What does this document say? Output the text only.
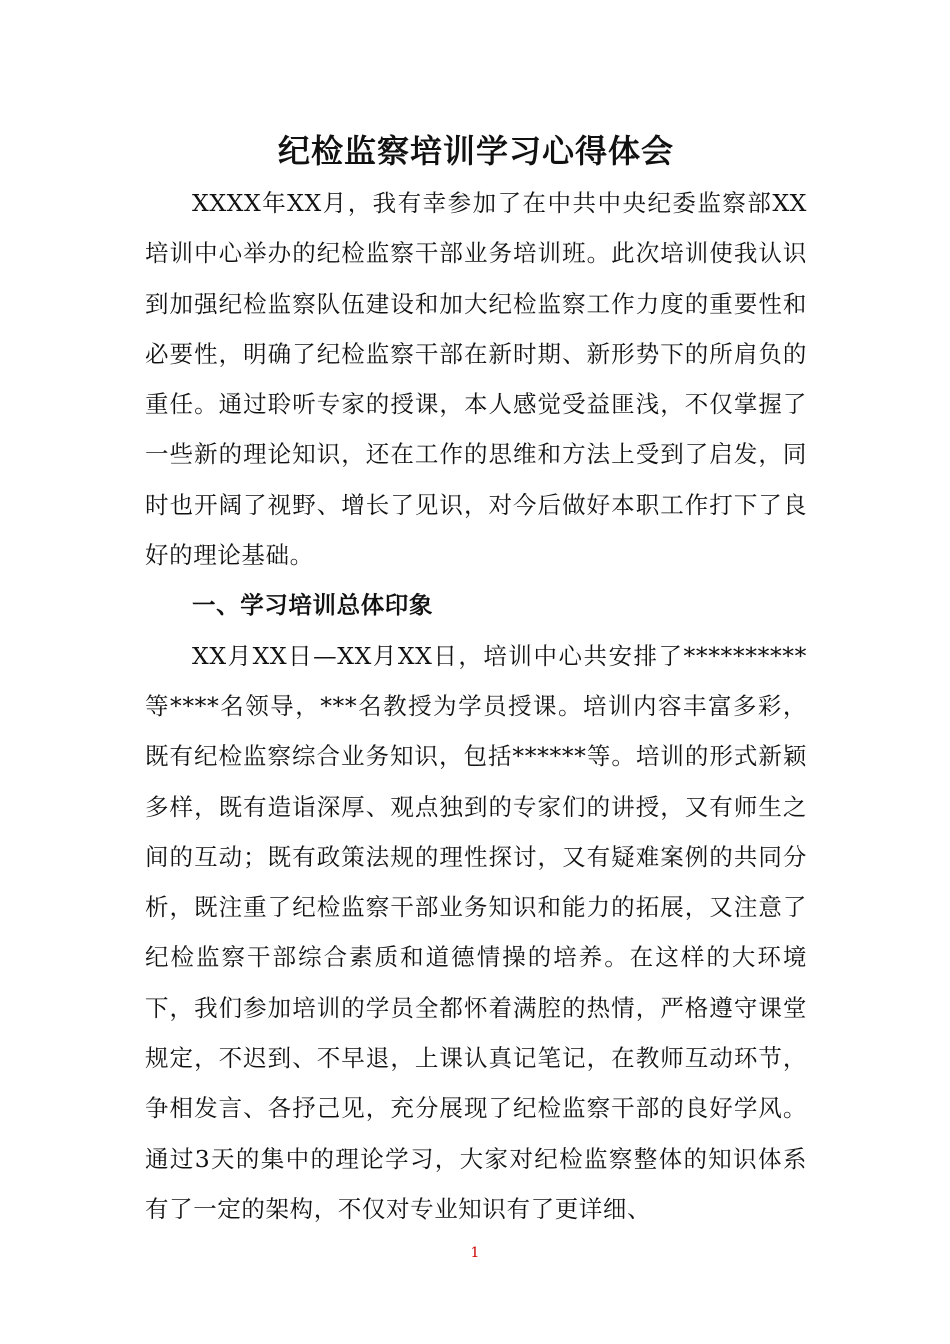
纪检监察培训学习心得体会

XXXX年XX月，我有幸参加了在中共中央纪委监察部XX培训中心举办的纪检监察干部业务培训班。此次培训使我认识到加强纪检监察队伍建设和加大纪检监察工作力度的重要性和必要性，明确了纪检监察干部在新时期、新形势下的所肩负的重任。通过聆听专家的授课，本人感觉受益匪浅，不仅掌握了一些新的理论知识，还在工作的思维和方法上受到了启发，同时也开阔了视野、增长了见识，对今后做好本职工作打下了良好的理论基础。

一、学习培训总体印象

XX月XX日—XX月XX日，培训中心共安排了**********等****名领导，***名教授为学员授课。培训内容丰富多彩，既有纪检监察综合业务知识，包括******等。培训的形式新颖多样，既有造诣深厚、观点独到的专家们的讲授，又有师生之间的互动；既有政策法规的理性探讨，又有疑难案例的共同分析，既注重了纪检监察干部业务知识和能力的拓展，又注意了纪检监察干部综合素质和道德情操的培养。在这样的大环境下，我们参加培训的学员全都怀着满腔的热情，严格遵守课堂规定，不迟到、不早退，上课认真记笔记，在教师互动环节，争相发言、各抒己见，充分展现了纪检监察干部的良好学风。通过3天的集中的理论学习，大家对纪检监察整体的知识体系有了一定的架构，不仅对专业知识有了更详细、

1
